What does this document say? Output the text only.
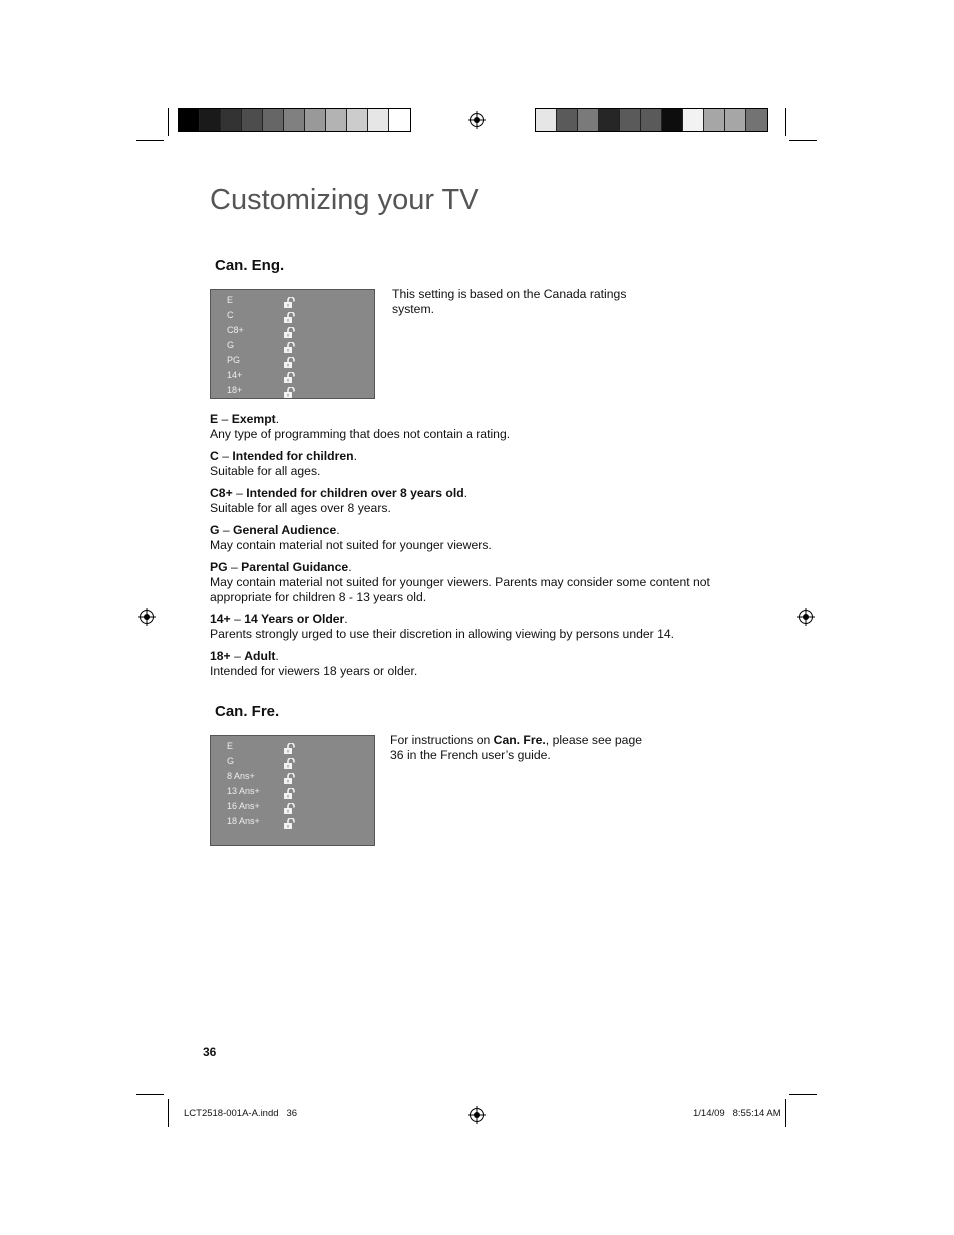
Customizing your TV
Can. Eng.
E
C
C8+
G
PG
14+
18+
This setting is based on the Canada ratings system.
E – Exempt.
Any type of programming that does not contain a rating.
C – Intended for children.
Suitable for all ages.
C8+ – Intended for children over 8 years old.
Suitable for all ages over 8 years.
G – General Audience.
May contain material not suited for younger viewers.
PG – Parental Guidance.
May contain material not suited for younger viewers. Parents may consider some content not appropriate for children 8 - 13 years old.
14+ – 14 Years or Older.
Parents strongly urged to use their discretion in allowing viewing by persons under 14.
18+ – Adult.
Intended for viewers 18 years or older.
Can. Fre.
E
G
8 Ans+
13 Ans+
16 Ans+
18 Ans+
For instructions on Can. Fre., please see page 36 in the French user’s guide.
36
LCT2518-001A-A.indd   36	1/14/09   8:55:14 AM
